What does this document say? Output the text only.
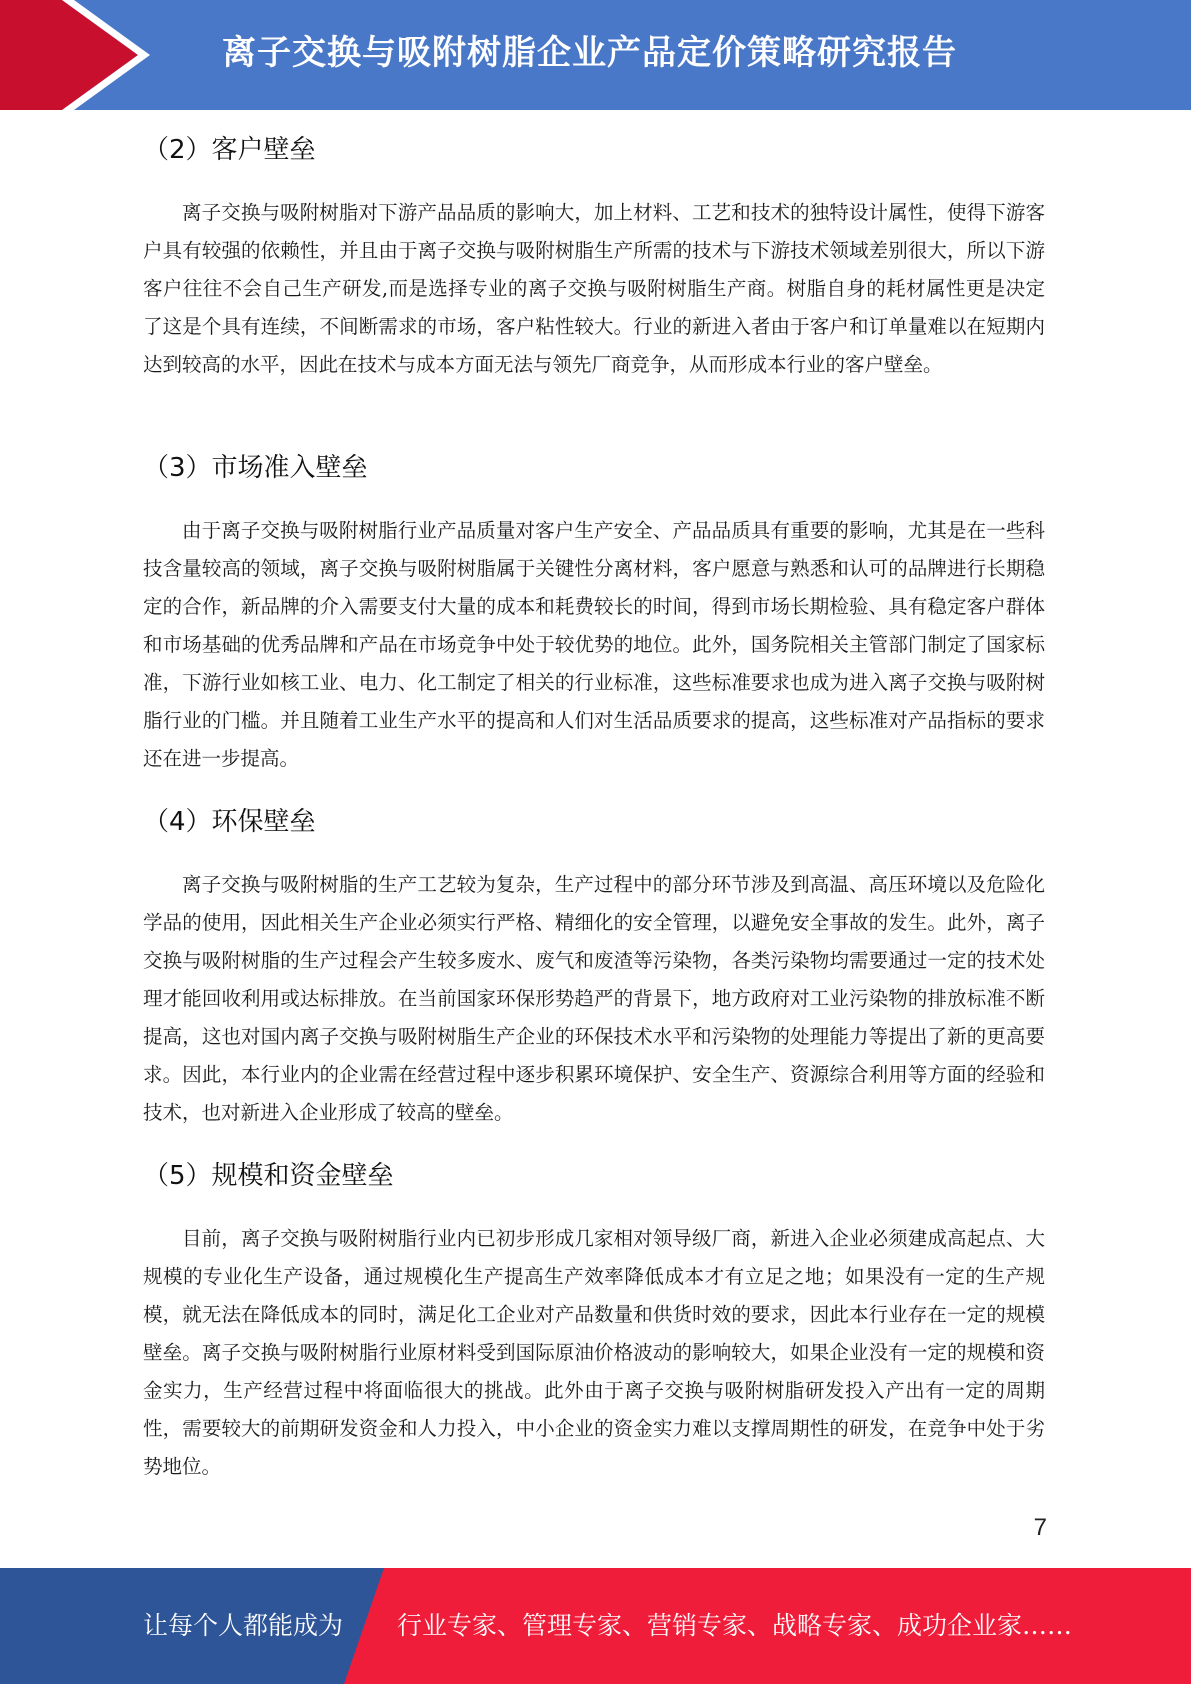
离子交换与吸附树脂企业产品定价策略研究报告
（2）客户壁垒

离子交换与吸附树脂对下游产品品质的影响大，加上材料、工艺和技术的独特设计属性，使得下游客户具有较强的依赖性，并且由于离子交换与吸附树脂生产所需的技术与下游技术领域差别很大，所以下游客户往往不会自己生产研发,而是选择专业的离子交换与吸附树脂生产商。树脂自身的耗材属性更是决定了这是个具有连续，不间断需求的市场，客户粘性较大。行业的新进入者由于客户和订单量难以在短期内达到较高的水平，因此在技术与成本方面无法与领先厂商竞争，从而形成本行业的客户壁垒。

（3）市场准入壁垒

由于离子交换与吸附树脂行业产品质量对客户生产安全、产品品质具有重要的影响，尤其是在一些科技含量较高的领域，离子交换与吸附树脂属于关键性分离材料，客户愿意与熟悉和认可的品牌进行长期稳定的合作，新品牌的介入需要支付大量的成本和耗费较长的时间，得到市场长期检验、具有稳定客户群体和市场基础的优秀品牌和产品在市场竞争中处于较优势的地位。此外，国务院相关主管部门制定了国家标准，下游行业如核工业、电力、化工制定了相关的行业标准，这些标准要求也成为进入离子交换与吸附树脂行业的门槛。并且随着工业生产水平的提高和人们对生活品质要求的提高，这些标准对产品指标的要求还在进一步提高。

（4）环保壁垒

离子交换与吸附树脂的生产工艺较为复杂，生产过程中的部分环节涉及到高温、高压环境以及危险化学品的使用，因此相关生产企业必须实行严格、精细化的安全管理，以避免安全事故的发生。此外，离子交换与吸附树脂的生产过程会产生较多废水、废气和废渣等污染物，各类污染物均需要通过一定的技术处理才能回收利用或达标排放。在当前国家环保形势趋严的背景下，地方政府对工业污染物的排放标准不断提高，这也对国内离子交换与吸附树脂生产企业的环保技术水平和污染物的处理能力等提出了新的更高要求。因此，本行业内的企业需在经营过程中逐步积累环境保护、安全生产、资源综合利用等方面的经验和技术，也对新进入企业形成了较高的壁垒。

（5）规模和资金壁垒

目前，离子交换与吸附树脂行业内已初步形成几家相对领导级厂商，新进入企业必须建成高起点、大规模的专业化生产设备，通过规模化生产提高生产效率降低成本才有立足之地；如果没有一定的生产规模，就无法在降低成本的同时，满足化工企业对产品数量和供货时效的要求，因此本行业存在一定的规模壁垒。离子交换与吸附树脂行业原材料受到国际原油价格波动的影响较大，如果企业没有一定的规模和资金实力，生产经营过程中将面临很大的挑战。此外由于离子交换与吸附树脂研发投入产出有一定的周期性，需要较大的前期研发资金和人力投入，中小企业的资金实力难以支撑周期性的研发，在竞争中处于劣势地位。

7
让每个人都能成为 行业专家、管理专家、营销专家、战略专家、成功企业家……
